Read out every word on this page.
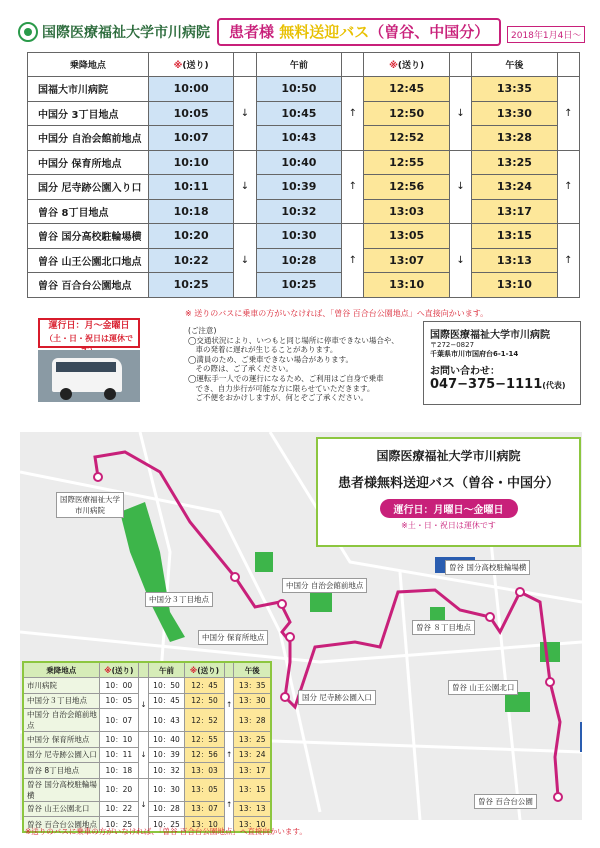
国際医療福祉大学市川病院	患者様 無料送迎バス（曽谷、中国分）	2018年1月4日～
乗降地点	※(送り)		午前		※(送り)		午後	
国福大市川病院	10:00	↓	10:50	↑	12:45	↓	13:35	↑
中国分 3丁目地点	10:05		10:45		12:50		13:30	
中国分 自治会館前地点	10:07		10:43		12:52		13:28	
中国分 保育所地点	10:10	↓	10:40	↑	12:55	↓	13:25	↑
国分 尼寺跡公園入り口	10:11		10:39		12:56		13:24	
曽谷 8丁目地点	10:18		10:32		13:03		13:17	
曽谷 国分高校駐輪場横	10:20	↓	10:30	↑	13:05	↓	13:15	↑
曽谷 山王公園北口地点	10:22		10:28		13:07		13:13	
曽谷 百合台公園地点	10:25		10:25		13:10		13:10	
※ 送りのバスに乗車の方がいなければ、「曽谷 百合台公園地点」へ直接向かいます。
運行日：月～金曜日
（土・日・祝日は運休で
(ご注意)
◯交通状況により、いつもと同じ場所に停車できない場合や、
　車の発着に遅れが生じることがあります。
◯満員のため、ご乗車できない場合があります。
　その際は、ご了承ください。
◯運転手一人での運行になるため、ご利用はご自身で乗車
　でき、自力歩行が可能な方に限らせていただきます。
　ご不便をおかけしますが、何とぞご了承ください。
国際医療福祉大学市川病院
〒272−0827
千葉県市川市国府台6-1-14
お問い合わせ：
047−375−1111(代表)
国際医療福祉大学
市川病院
中国分３丁目地点
中国分 自治会館前地点
中国分 保育所地点
国分 尼寺跡公園入口
曽谷 国分高校駐輪場横
曽谷 ８丁目地点
曽谷 山王公園北口
曽谷 百合台公園
国際医療福祉大学市川病院
患者様無料送迎バス（曽谷・中国分）
運行日：月曜日～金曜日
※土・日・祝日は運休です
乗降地点	※(送り)		午前	※(送り)		午後
市川病院	10：00	↓	10：50	12：45	↑	13：35
中国分３丁目地点	10：05		10：45	12：50		13：30
中国分 自治会館前地点	10：07		10：43	12：52		13：28
中国分 保育所地点	10：10	↓	10：40	12：55	↑	13：25
国分 尼寺跡公園入口	10：11		10：39	12：56		13：24
曽谷 8丁目地点	10：18		10：32	13：03		13：17
曽谷 国分高校駐輪場横	10：20	↓	10：30	13：05	↑	13：15
曽谷 山王公園北口	10：22		10：28	13：07		13：13
曽谷 百合台公園地点	10：25		10：25	13：10		13：10
※送りのバスに乗車の方がいなければ、「曽谷 百合台公園地点」へ直接向かいます。
